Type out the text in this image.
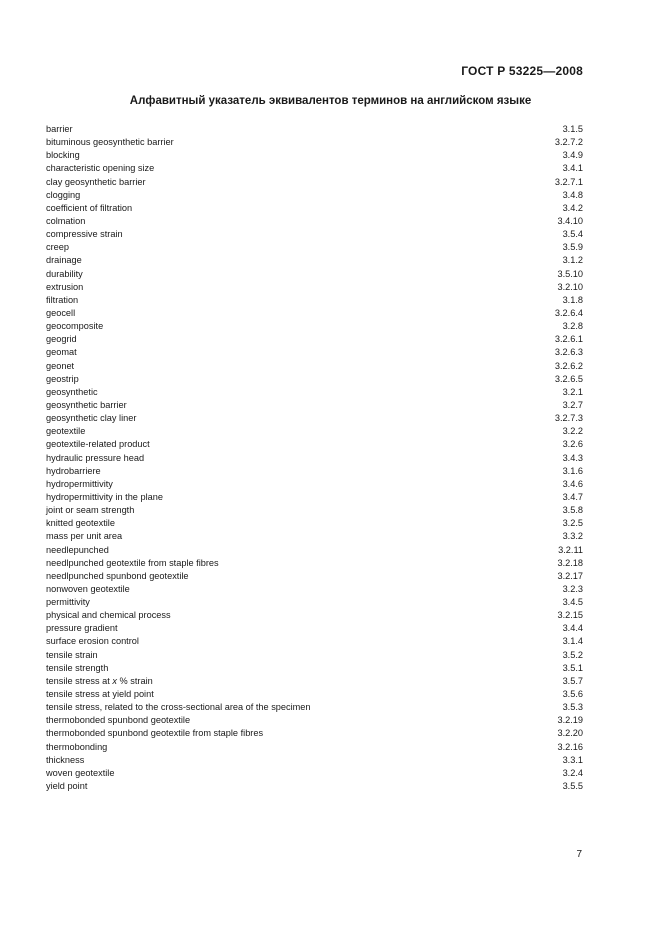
ГОСТ Р 53225—2008
Алфавитный указатель эквивалентов терминов на английском языке
barrier	3.1.5
bituminous geosynthetic barrier	3.2.7.2
blocking	3.4.9
characteristic opening size	3.4.1
clay geosynthetic barrier	3.2.7.1
clogging	3.4.8
coefficient of filtration	3.4.2
colmation	3.4.10
compressive strain	3.5.4
creep	3.5.9
drainage	3.1.2
durability	3.5.10
extrusion	3.2.10
filtration	3.1.8
geocell	3.2.6.4
geocomposite	3.2.8
geogrid	3.2.6.1
geomat	3.2.6.3
geonet	3.2.6.2
geostrip	3.2.6.5
geosynthetic	3.2.1
geosynthetic barrier	3.2.7
geosynthetic clay liner	3.2.7.3
geotextile	3.2.2
geotextile-related product	3.2.6
hydraulic pressure head	3.4.3
hydrobarriere	3.1.6
hydropermittivity	3.4.6
hydropermittivity in the plane	3.4.7
joint or seam strength	3.5.8
knitted geotextile	3.2.5
mass per unit area	3.3.2
needlepunched	3.2.11
needlpunched geotextile from staple fibres	3.2.18
needlpunched spunbond geotextile	3.2.17
nonwoven geotextile	3.2.3
permittivity	3.4.5
physical and chemical process	3.2.15
pressure gradient	3.4.4
surface erosion control	3.1.4
tensile strain	3.5.2
tensile strength	3.5.1
tensile stress at x % strain	3.5.7
tensile stress at yield point	3.5.6
tensile stress, related to the cross-sectional area of the specimen	3.5.3
thermobonded spunbond geotextile	3.2.19
thermobonded spunbond geotextile from staple fibres	3.2.20
thermobonding	3.2.16
thickness	3.3.1
woven geotextile	3.2.4
yield point	3.5.5
7
